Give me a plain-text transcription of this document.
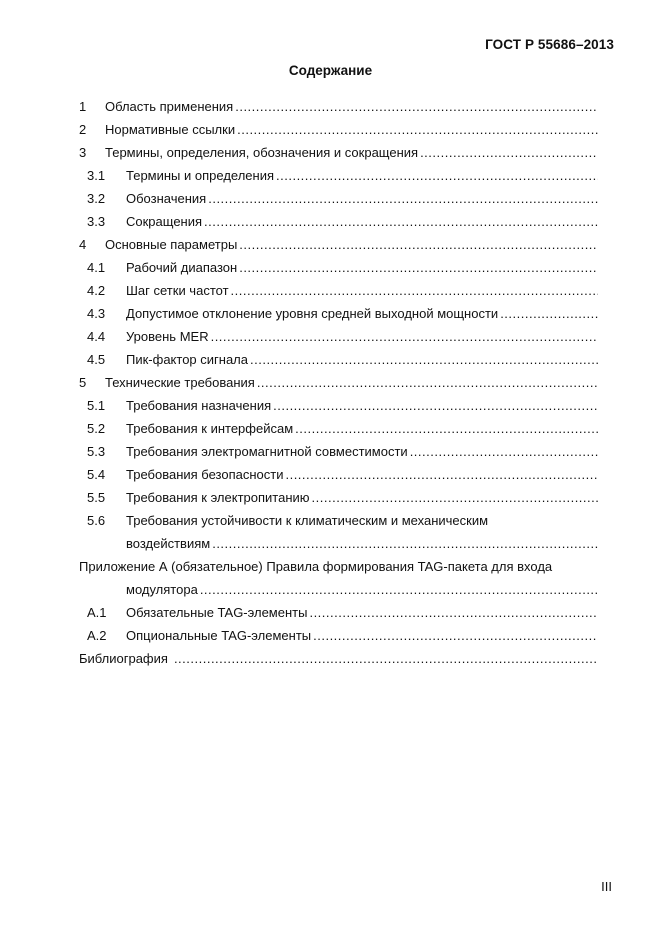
ГОСТ Р 55686–2013
Содержание
1	Область применения
.....
2	Нормативные ссылки
.....
3	Термины, определения, обозначения и сокращения
.....
3.1	Термины и определения
.....
3.2	Обозначения
.....
3.3	Сокращения
.....
4	Основные параметры
.....
4.1	Рабочий диапазон
.....
4.2	Шаг сетки частот
.....
4.3	Допустимое отклонение уровня средней выходной мощности
.....
4.4	Уровень MER
.....
4.5	Пик-фактор сигнала
.....
5	Технические требования
.....
5.1	Требования назначения
.....
5.2	Требования к интерфейсам
.....
5.3	Требования электромагнитной совместимости
.....
5.4	Требования безопасности
.....
5.5	Требования к электропитанию
.....
5.6	Требования устойчивости к климатическим и механическим
воздействиям
.....
Приложение А (обязательное) Правила формирования TAG-пакета для входа
модулятора
.....
А.1	Обязательные TAG-элементы
.....
А.2	Опциональные TAG-элементы
.....
Библиография
.....
III
